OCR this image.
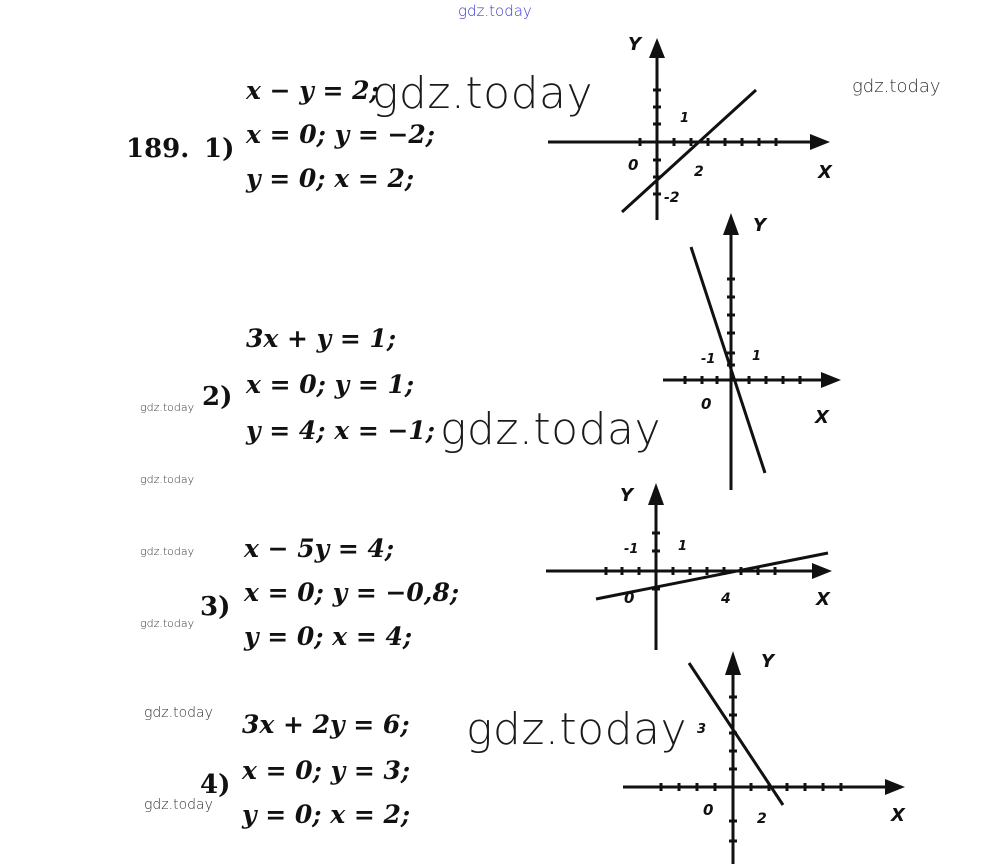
gdz.today
gdz.today
gdz.today
gdz.today
gdz.today
gdz.today
gdz.today
gdz.today
gdz.today
gdz.today
gdz.today
189. 1)
x − y = 2;
x = 0; y = −2;
y = 0; x = 2;
2)
3x + y = 1;
x = 0; y = 1;
y = 4; x = −1;
3)
x − 5y = 4;
x = 0; y = −0,8;
y = 0; x = 4;
4)
3x + 2y = 6;
x = 0; y = 3;
y = 0; x = 2;
Y
X
0
1
2
-2
Y
X
0
-1	1
Y
X
0
-1	1
4
Y
X
0
3
2
